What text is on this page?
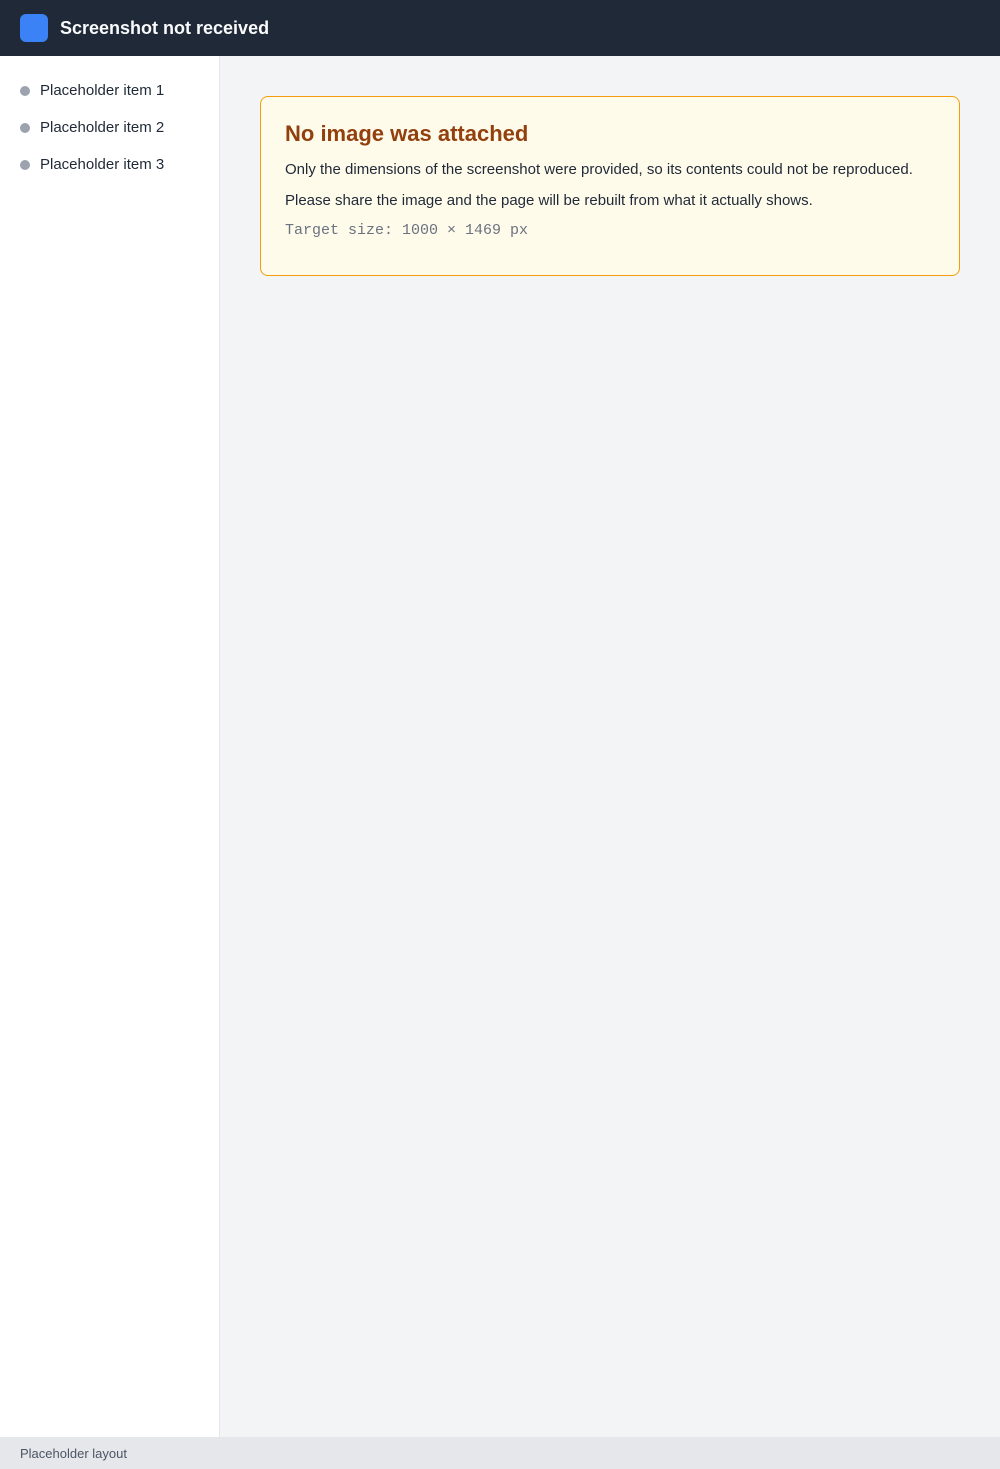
Screenshot not received
Placeholder item 1
Placeholder item 2
Placeholder item 3
No image was attached

Only the dimensions of the screenshot were provided, so its contents could not be reproduced.

Please share the image and the page will be rebuilt from what it actually shows.

Target size: 1000 × 1469 px

Placeholder layout
